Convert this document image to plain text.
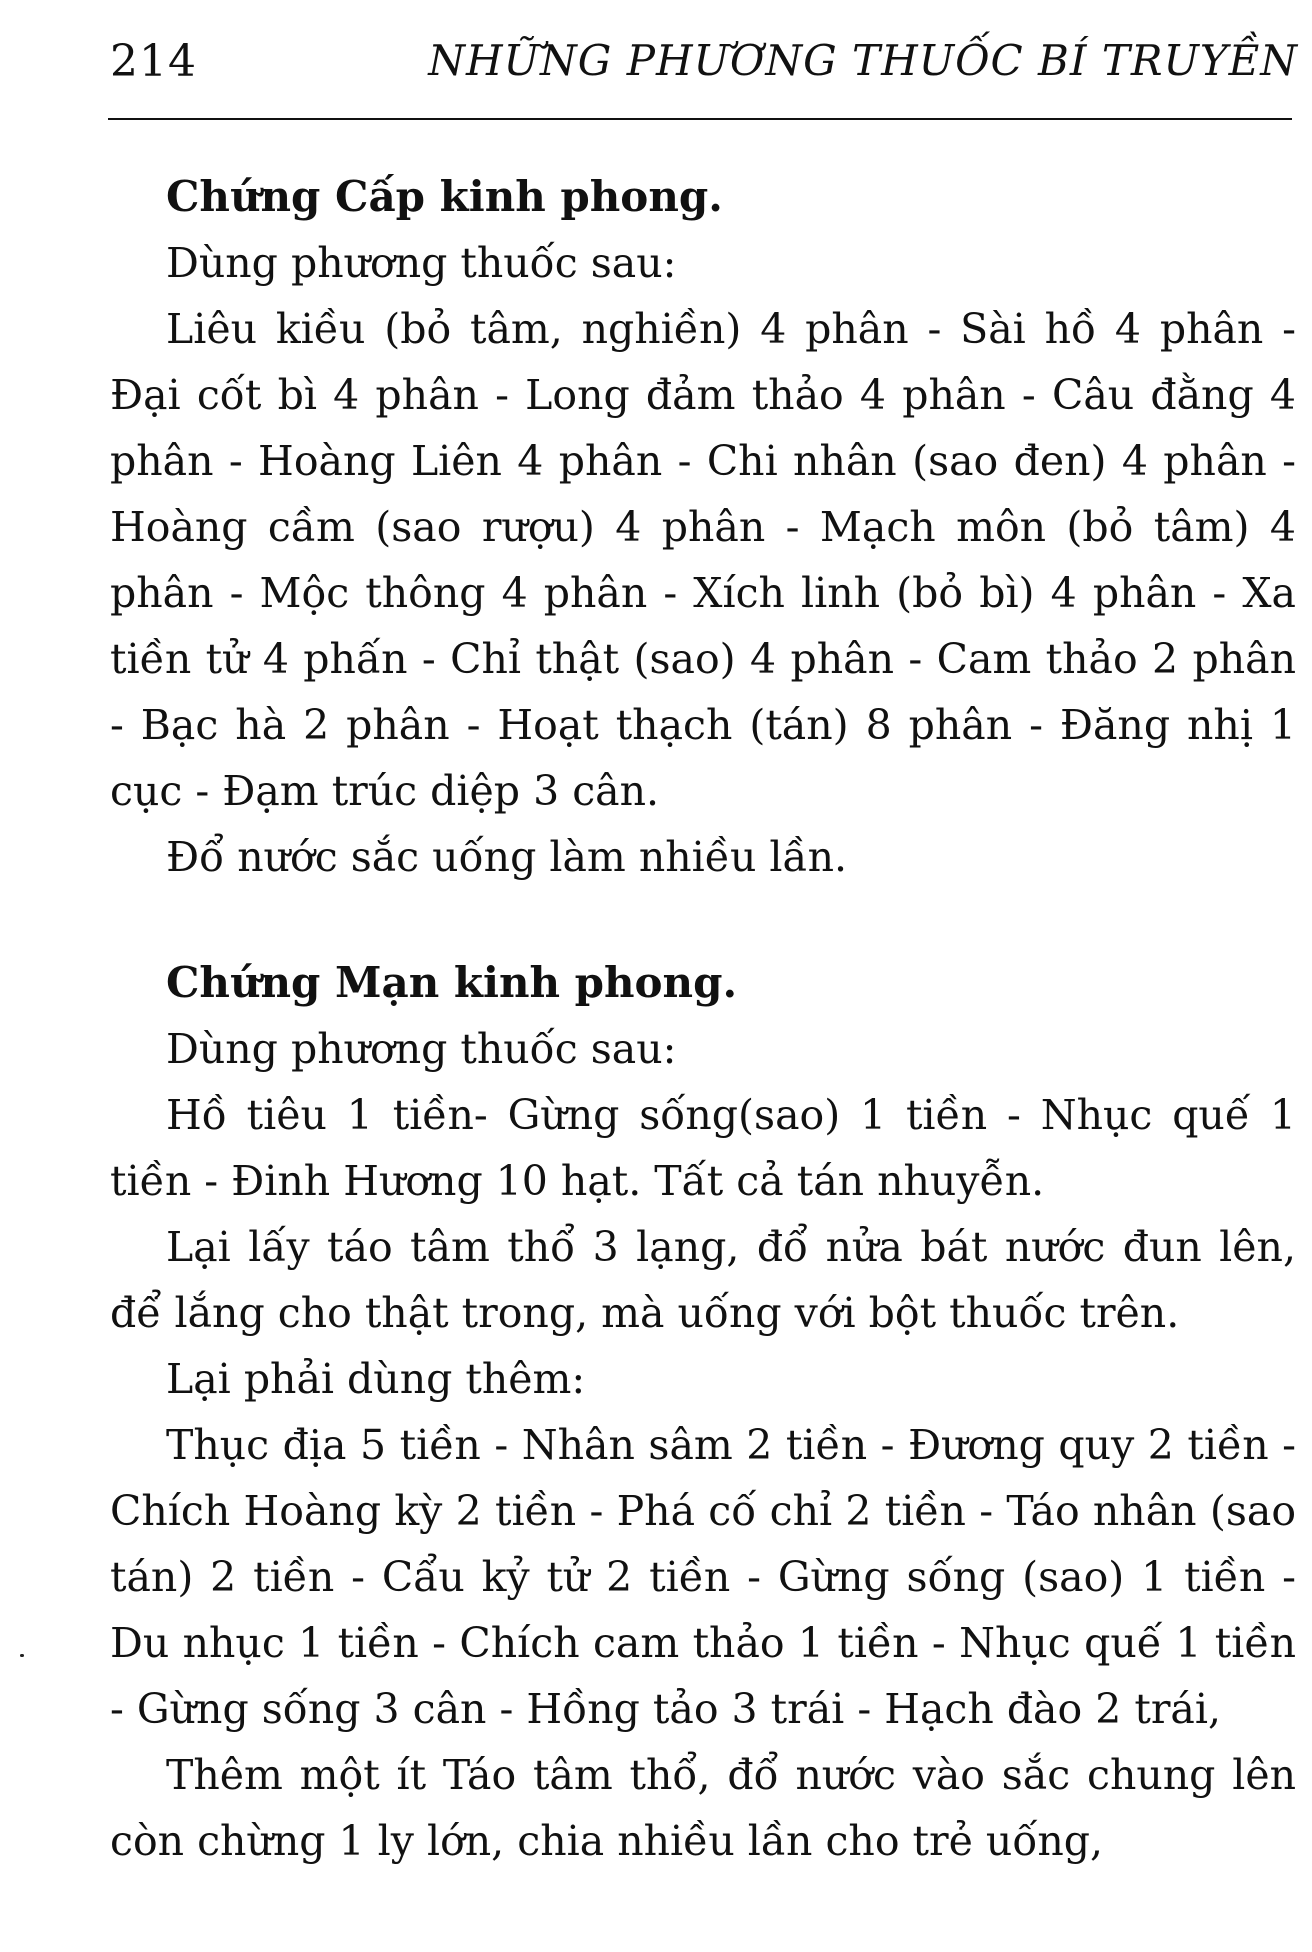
214	NHỮNG PHƯƠNG THUỐC BÍ TRUYỀN
Chứng Cấp kinh phong.

Dùng phương thuốc sau:

Liêu kiều (bỏ tâm, nghiền) 4 phân - Sài hồ 4 phân - Đại cốt bì 4 phân - Long đảm thảo 4 phân - Câu đằng 4 phân - Hoàng Liên 4 phân - Chi nhân (sao đen) 4 phân - Hoàng cầm (sao rượu) 4 phân - Mạch môn (bỏ tâm) 4 phân - Mộc thông 4 phân - Xích linh (bỏ bì) 4 phân - Xa tiền tử 4 phấn - Chỉ thật (sao) 4 phân - Cam thảo 2 phân - Bạc hà 2 phân - Hoạt thạch (tán) 8 phân - Đăng nhị 1 cục - Đạm trúc diệp 3 cân.

Đổ nước sắc uống làm nhiều lần.

Chứng Mạn kinh phong.

Dùng phương thuốc sau:

Hồ tiêu 1 tiền- Gừng sống(sao) 1 tiền - Nhục quế 1 tiền - Đinh Hương 10 hạt. Tất cả tán nhuyễn.

Lại lấy táo tâm thổ 3 lạng, đổ nửa bát nước đun lên, để lắng cho thật trong, mà uống với bột thuốc trên.

Lại phải dùng thêm:

Thục địa 5 tiền - Nhân sâm 2 tiền - Đương quy 2 tiền - Chích Hoàng kỳ 2 tiền - Phá cố chỉ 2 tiền - Táo nhân (sao tán) 2 tiền - Cẩu kỷ tử 2 tiền - Gừng sống (sao) 1 tiền - Du nhục 1 tiền - Chích cam thảo 1 tiền - Nhục quế 1 tiền - Gừng sống 3 cân - Hồng tảo 3 trái - Hạch đào 2 trái,

Thêm một ít Táo tâm thổ, đổ nước vào sắc chung lên còn chừng 1 ly lớn, chia nhiều lần cho trẻ uống,
